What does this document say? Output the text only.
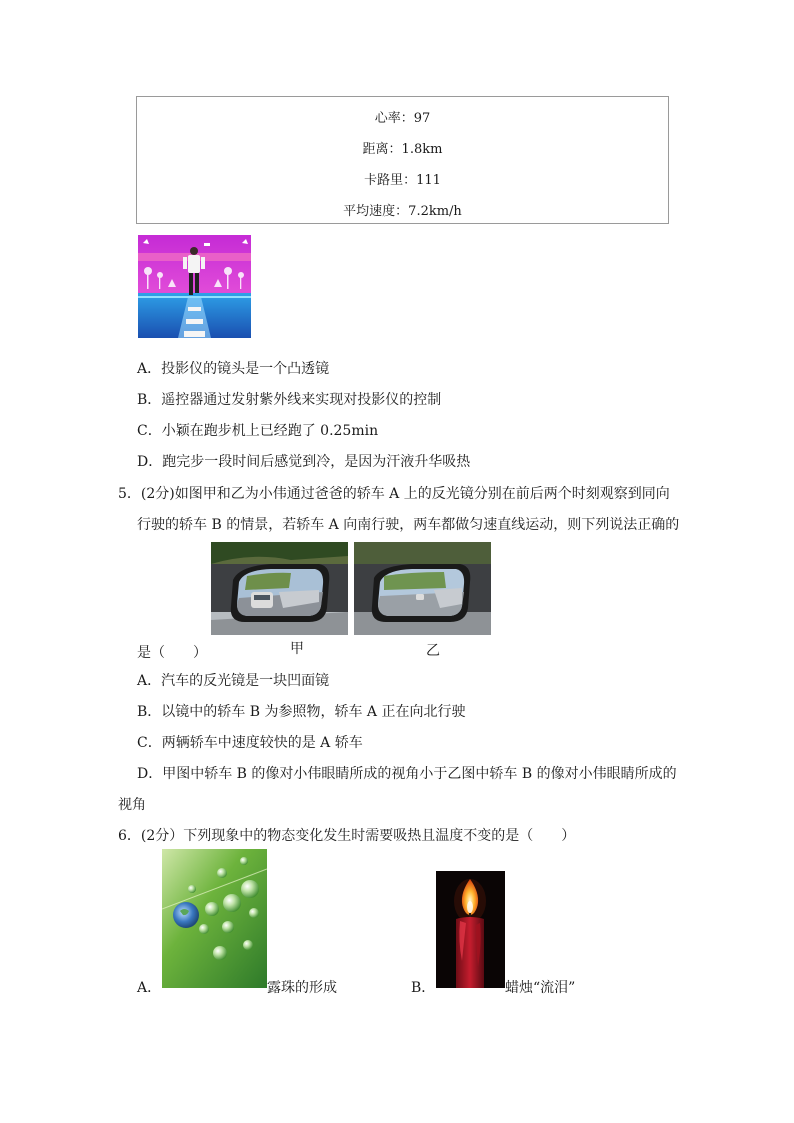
心率：97
距离：1.8km
卡路里：111
平均速度：7.2km/h
A．投影仪的镜头是一个凸透镜
B．遥控器通过发射紫外线来实现对投影仪的控制
C．小颖在跑步机上已经跑了 0.25min
D．跑完步一段时间后感觉到冷，是因为汗液升华吸热
5．(2分)如图甲和乙为小伟通过爸爸的轿车 A 上的反光镜分别在前后两个时刻观察到同向
行驶的轿车 B 的情景，若轿车 A 向南行驶，两车都做匀速直线运动，则下列说法正确的
甲	乙
是（　　）
A．汽车的反光镜是一块凹面镜
B．以镜中的轿车 B 为参照物，轿车 A 正在向北行驶
C．两辆轿车中速度较快的是 A 轿车
D．甲图中轿车 B 的像对小伟眼睛所成的视角小于乙图中轿车 B 的像对小伟眼睛所成的
视角
6．(2分）下列现象中的物态变化发生时需要吸热且温度不变的是（　　）
A．	露珠的形成	B．	蜡烛“流泪”
